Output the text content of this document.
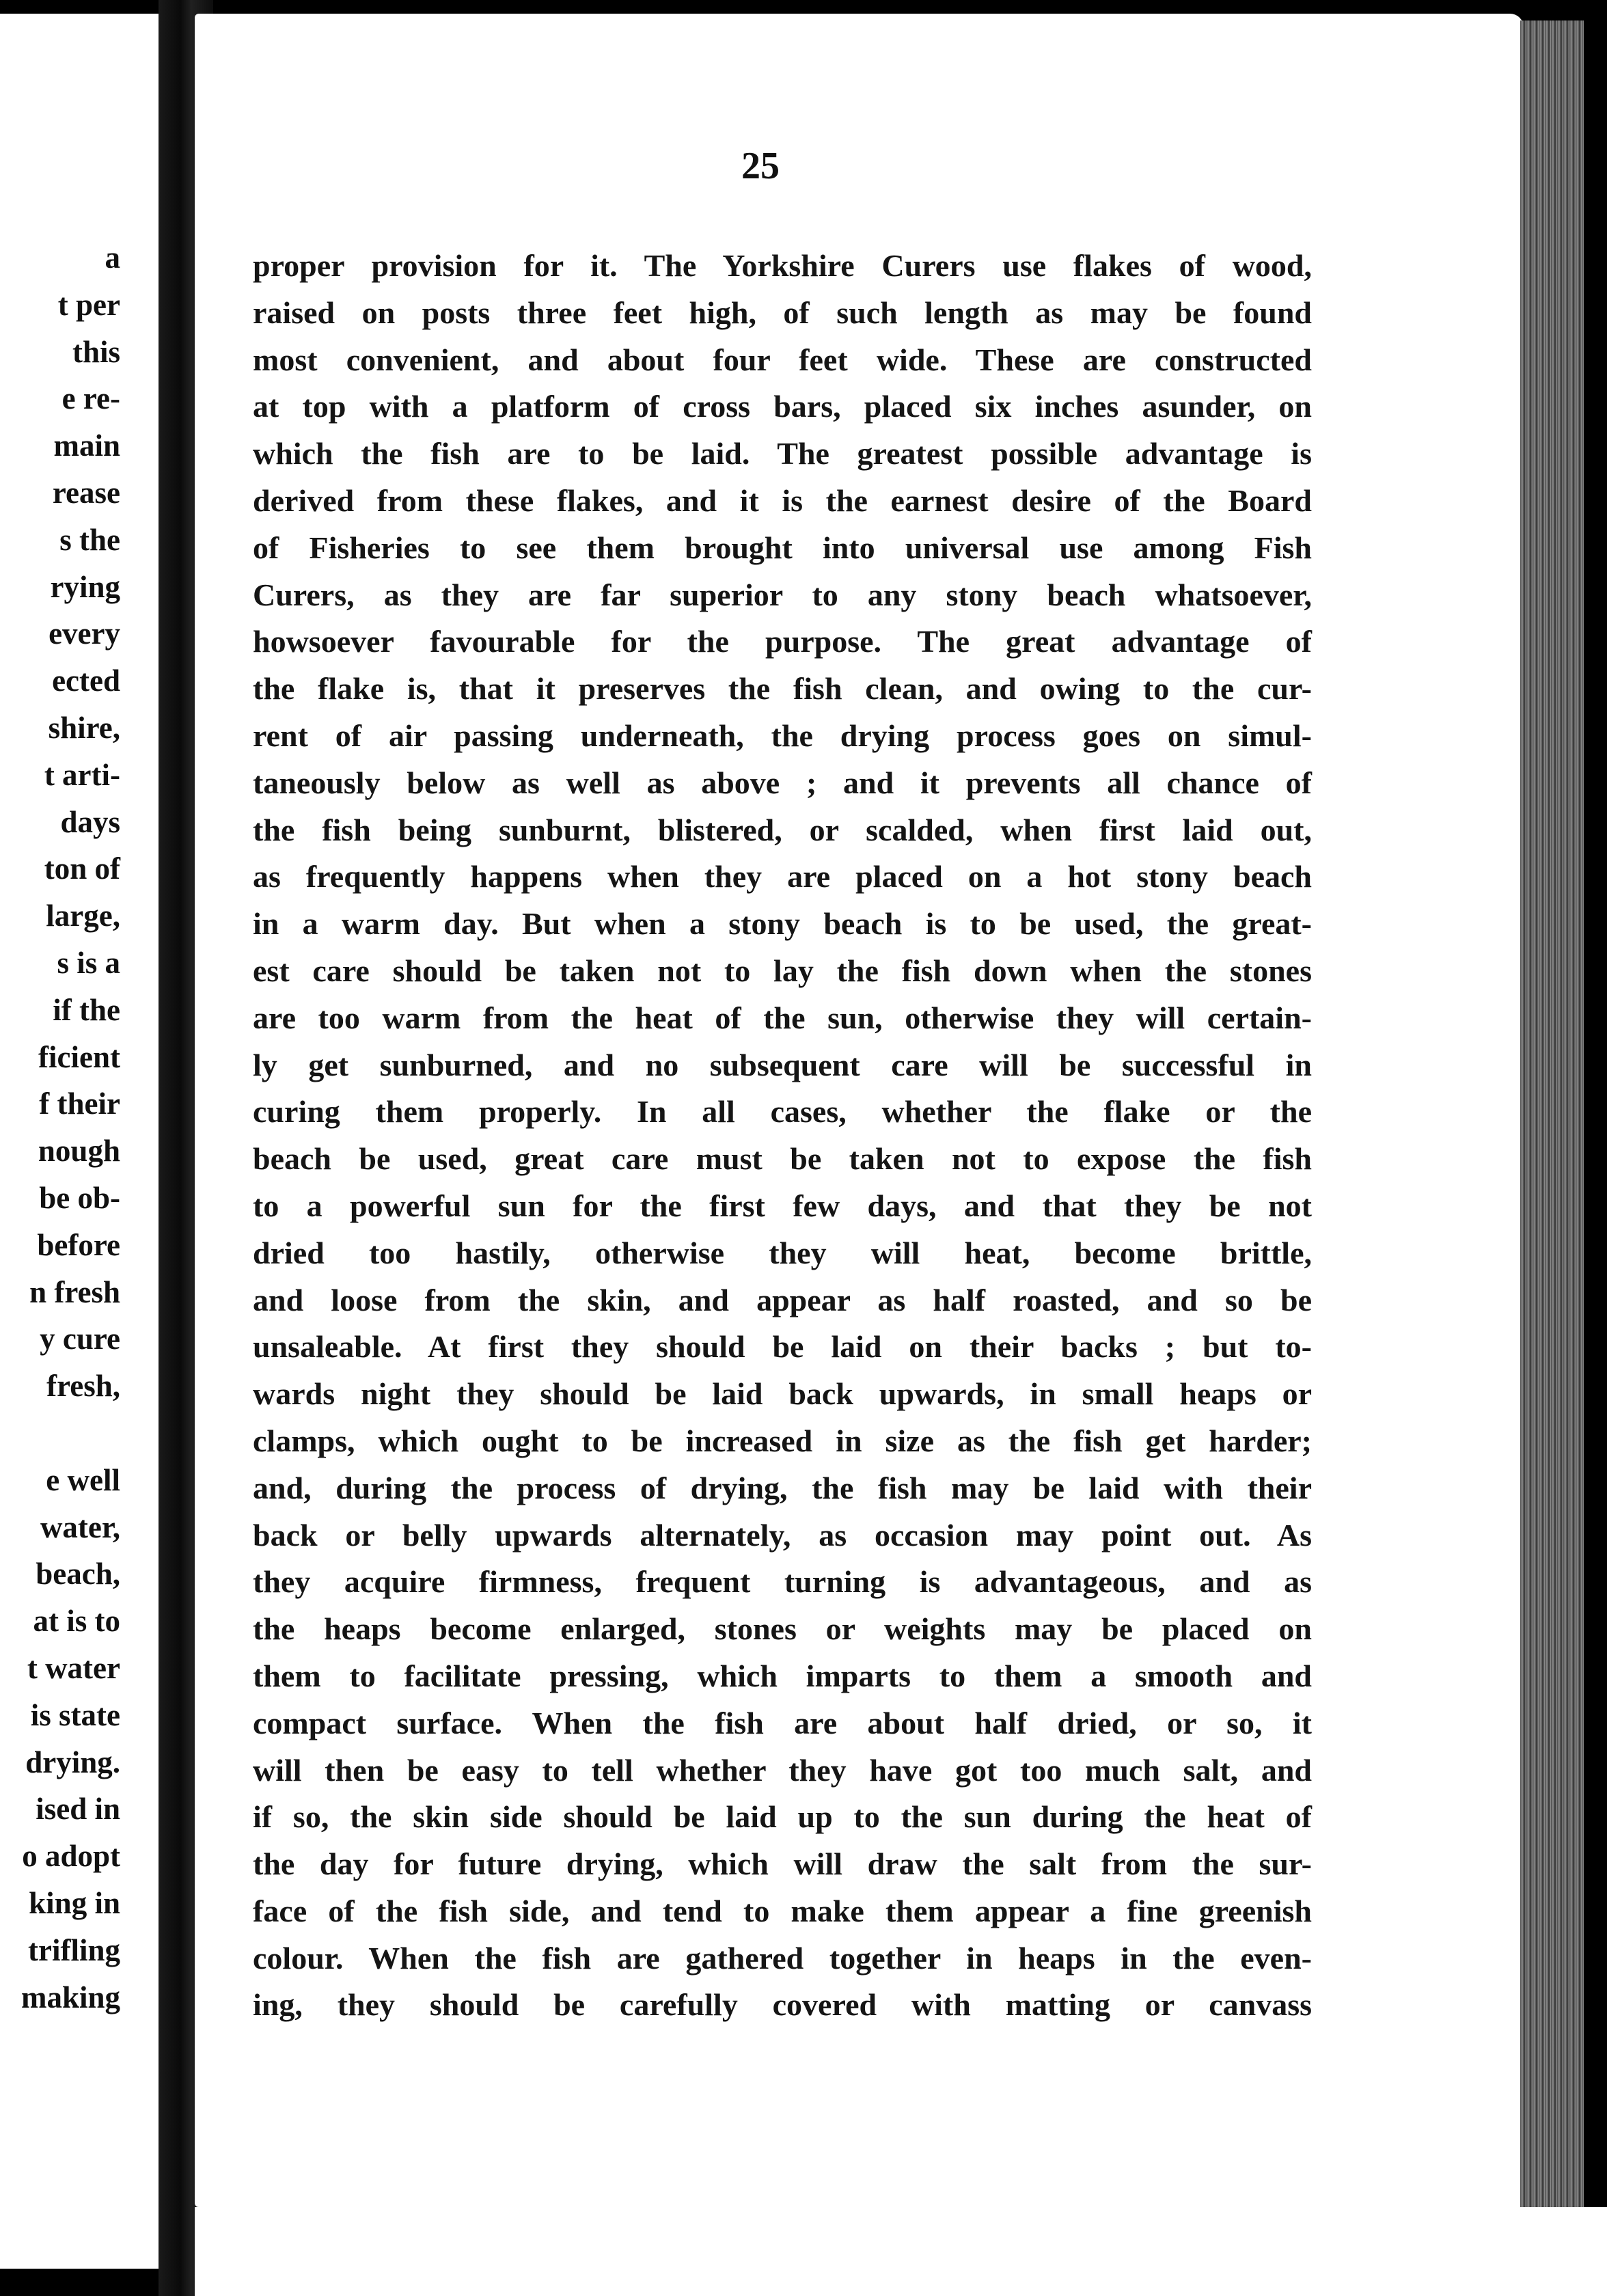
a
t per
this
e re-
main
rease
s the
rying
every
ected
shire,
t arti-
days
ton of
large,
s is a
if the
ficient
f their
nough
be ob-
before
n fresh
y cure
fresh,
e well
water,
beach,
at is to
t water
is state
drying.
ised in
o adopt
king in
trifling
making
25
proper provision for it. The Yorkshire Curers use flakes of wood,
raised on posts three feet high, of such length as may be found
most convenient, and about four feet wide. These are constructed
at top with a platform of cross bars, placed six inches asunder, on
which the fish are to be laid. The greatest possible advantage is
derived from these flakes, and it is the earnest desire of the Board
of Fisheries to see them brought into universal use among Fish
Curers, as they are far superior to any stony beach whatsoever,
howsoever favourable for the purpose. The great advantage of
the flake is, that it preserves the fish clean, and owing to the cur-
rent of air passing underneath, the drying process goes on simul-
taneously below as well as above ; and it prevents all chance of
the fish being sunburnt, blistered, or scalded, when first laid out,
as frequently happens when they are placed on a hot stony beach
in a warm day. But when a stony beach is to be used, the great-
est care should be taken not to lay the fish down when the stones
are too warm from the heat of the sun, otherwise they will certain-
ly get sunburned, and no subsequent care will be successful in
curing them properly. In all cases, whether the flake or the
beach be used, great care must be taken not to expose the fish
to a powerful sun for the first few days, and that they be not
dried too hastily, otherwise they will heat, become brittle,
and loose from the skin, and appear as half roasted, and so be
unsaleable. At first they should be laid on their backs ; but to-
wards night they should be laid back upwards, in small heaps or
clamps, which ought to be increased in size as the fish get harder;
and, during the process of drying, the fish may be laid with their
back or belly upwards alternately, as occasion may point out. As
they acquire firmness, frequent turning is advantageous, and as
the heaps become enlarged, stones or weights may be placed on
them to facilitate pressing, which imparts to them a smooth and
compact surface. When the fish are about half dried, or so, it
will then be easy to tell whether they have got too much salt, and
if so, the skin side should be laid up to the sun during the heat of
the day for future drying, which will draw the salt from the sur-
face of the fish side, and tend to make them appear a fine greenish
colour. When the fish are gathered together in heaps in the even-
ing, they should be carefully covered with matting or canvass
